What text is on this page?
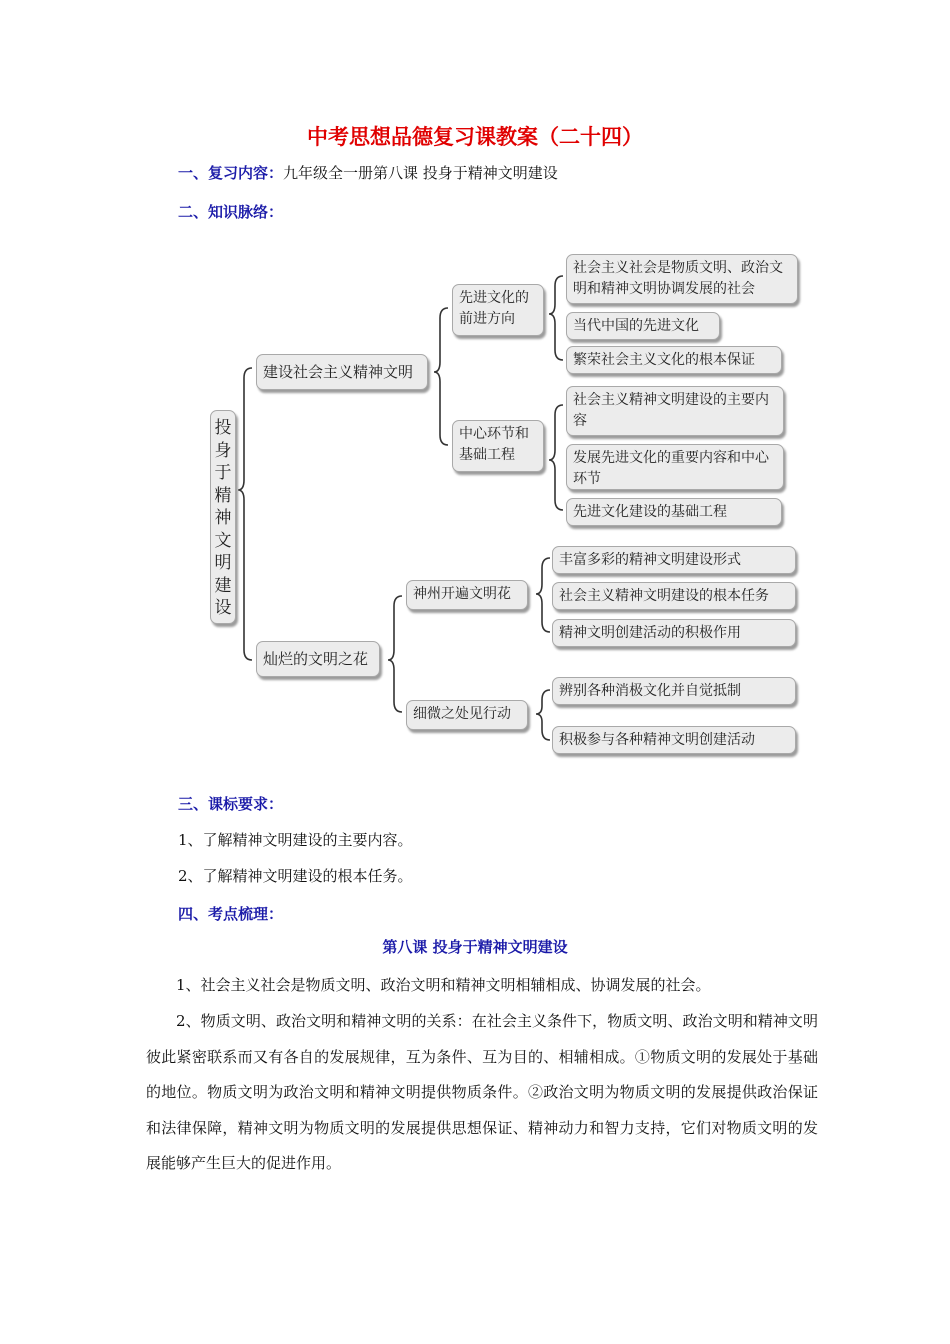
中考思想品德复习课教案（二十四）
一、复习内容：九年级全一册第八课 投身于精神文明建设
二、知识脉络：
投身于精神文明建设
建设社会主义精神文明
灿烂的文明之花
先进文化的前进方向
中心环节和基础工程
神州开遍文明花
细微之处见行动
社会主义社会是物质文明、政治文明和精神文明协调发展的社会
当代中国的先进文化
繁荣社会主义文化的根本保证
社会主义精神文明建设的主要内容
发展先进文化的重要内容和中心环节
先进文化建设的基础工程
丰富多彩的精神文明建设形式
社会主义精神文明建设的根本任务
精神文明创建活动的积极作用
辨别各种消极文化并自觉抵制
积极参与各种精神文明创建活动
三、课标要求：
1、了解精神文明建设的主要内容。
2、了解精神文明建设的根本任务。
四、考点梳理：
第八课 投身于精神文明建设

1、社会主义社会是物质文明、政治文明和精神文明相辅相成、协调发展的社会。

2、物质文明、政治文明和精神文明的关系：在社会主义条件下，物质文明、政治文明和精神文明彼此紧密联系而又有各自的发展规律，互为条件、互为目的、相辅相成。①物质文明的发展处于基础的地位。物质文明为政治文明和精神文明提供物质条件。②政治文明为物质文明的发展提供政治保证和法律保障，精神文明为物质文明的发展提供思想保证、精神动力和智力支持，它们对物质文明的发展能够产生巨大的促进作用。
